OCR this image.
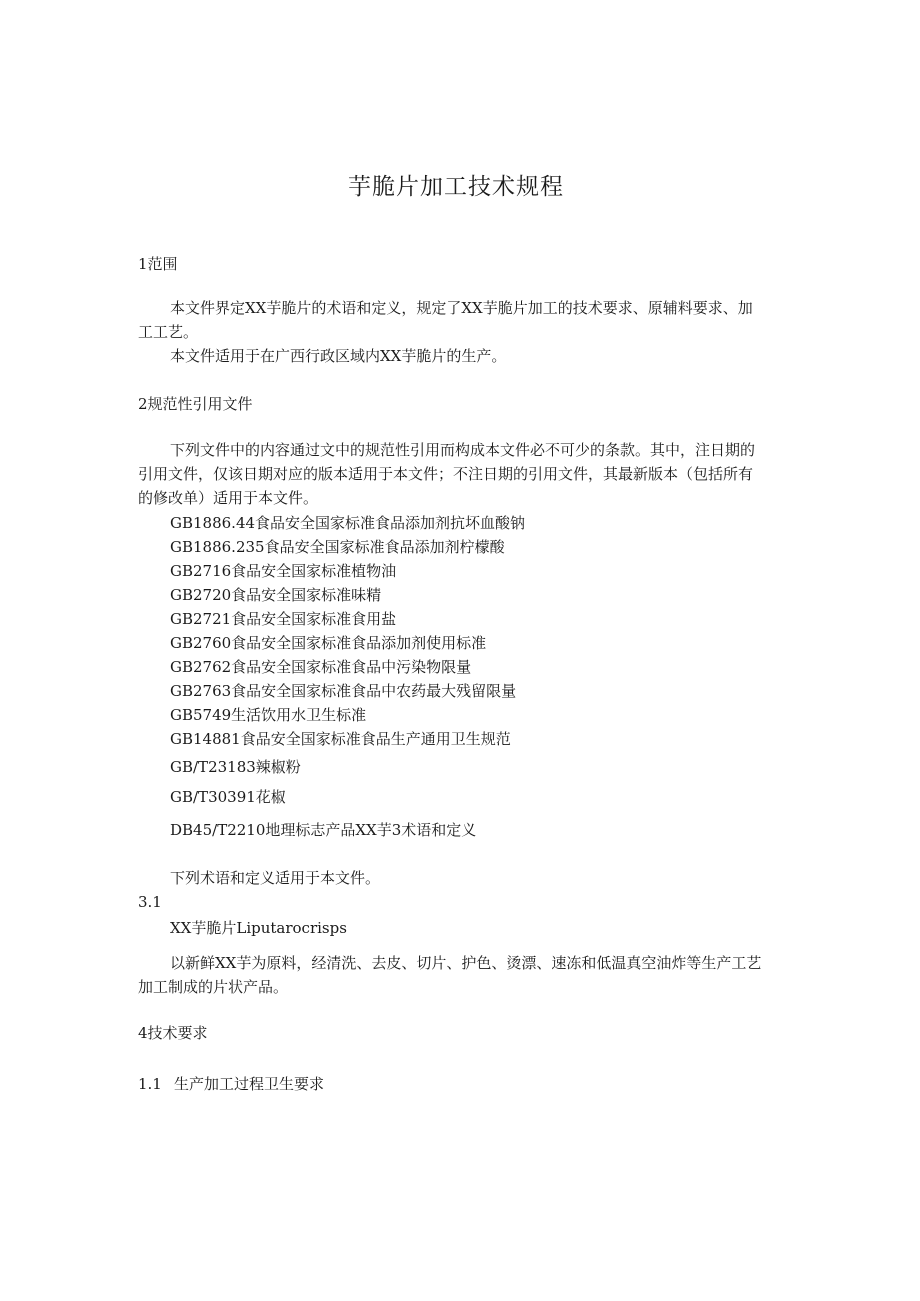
芋脆片加工技术规程
1范围
本文件界定XX芋脆片的术语和定义，规定了XX芋脆片加工的技术要求、原辅料要求、加
工工艺。
本文件适用于在广西行政区域内XX芋脆片的生产。
2规范性引用文件
下列文件中的内容通过文中的规范性引用而构成本文件必不可少的条款。其中，注日期的
引用文件，仅该日期对应的版本适用于本文件；不注日期的引用文件，其最新版本（包括所有
的修改单）适用于本文件。
GB1886.44食品安全国家标准食品添加剂抗坏血酸钠
GB1886.235食品安全国家标准食品添加剂柠檬酸
GB2716食品安全国家标准植物油
GB2720食品安全国家标准味精
GB2721食品安全国家标准食用盐
GB2760食品安全国家标准食品添加剂使用标准
GB2762食品安全国家标准食品中污染物限量
GB2763食品安全国家标准食品中农药最大残留限量
GB5749生活饮用水卫生标准
GB14881食品安全国家标准食品生产通用卫生规范
GB/T23183辣椒粉
GB/T30391花椒
DB45/T2210地理标志产品XX芋3术语和定义
下列术语和定义适用于本文件。
3.1
XX芋脆片Liputarocrisps
以新鲜XX芋为原料，经清洗、去皮、切片、护色、烫漂、速冻和低温真空油炸等生产工艺
加工制成的片状产品。
4技术要求
1.1 生产加工过程卫生要求
